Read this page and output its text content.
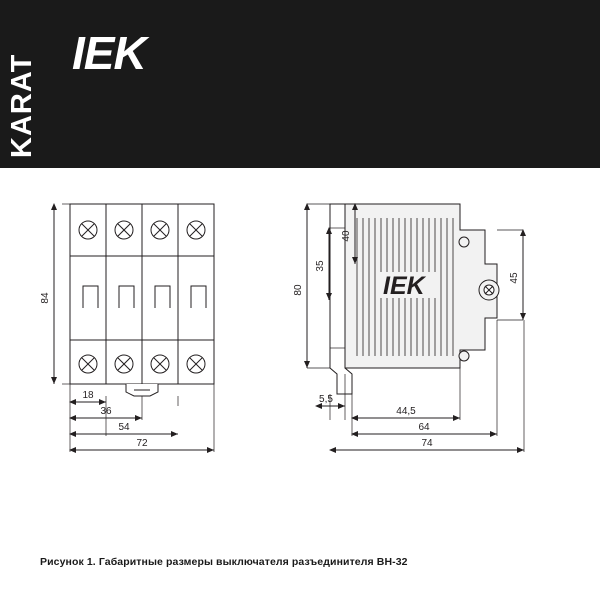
KARAT
IEK
84
18
36
54
72
80
35
40
45
5,5
44,5
64
74
IEK
Рисунок 1. Габаритные размеры выключателя разъединителя ВН-32
